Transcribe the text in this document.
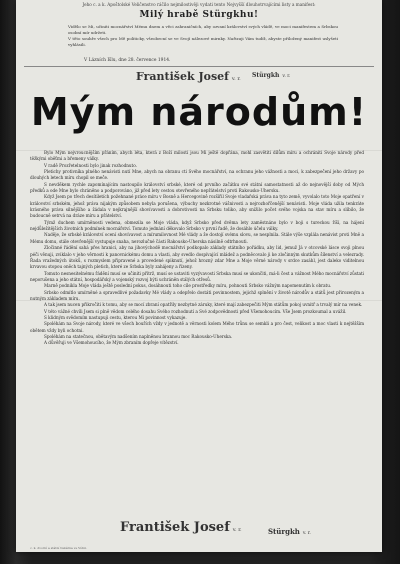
Jeho c. a k. Apoštolské Veličenstvo ráčilo nejmilostivěji vydati tento Nejvyšší dlouhotrvajícími listy a manifest:
Milý hrabě Stürgkhu!
Vidělo se Mi, učiniti mocnářství Mému dnem a věci zahraničních, aby ozvaní království svých vládě, ve moci manifestem a Srbskou osobní mír udržeti.
V těto souhře všech pro Mě politicky, všeobecní se ve Svojí nálezové mirnky. Nařizuji Vám tudíž, abyste přiložený manifest uslyšeti vyhlásili.
V Lázních Išlu, dne 28. července 1914.
František Josef v. r. Stürgkh v. r.
Mým národům!

Bylo Mým nejvroucnějším přáním, abych léta, která z Boží milosti jsou Mi ještě dopřána, mohl zasvětiti dílům míru a ochrániti Svoje národy před těžkými oběťmi a břemeny války.

V radě Prozřetelnosti bylo jinak rozhodnuto.

Pletichy protivníka plného nenávisti nutí Mne, abych na obranu cti Svého mocnářství, na ochranu jeho vážnosti a moci, k zabezpečení jeho državy po dlouhých letech míru chopil se meče.

S nevděkem rychle zapomínajícím nastoupilo království srbské, které od prvního začátku své státní samostatnosti až do nejnovější doby od Mých předků a ode Mne bylo chráněno a podporováno, již před lety cestou otevřeného nepřátelství proti Rakousko-Uhersku.

Když Jsem po třech desítiletích požehnané práce míru v Bosně a Hercegovině rozšířil Svoje vladařská práva na tyto země, vyvolalo toto Moje opatření v království srbském, jehož práva nijakým způsobem nebyla porušena, výbuchy nezkrotné vášnivosti a nejrozhořčenější nenávisti. Moje vláda užila tenkráte krásného práva silnějšího a žádala v nejkrajnější shovívavosti a dobrotivosti na Srbsku toliko, aby snížilo počet svého vojska na stav míru a slíbilo, že budoucně setrvá na dráze míru a přátelství.

Týmž duchem umírněnosti vedena, obmezila se Moje vláda, když Srbsko před dvěma lety zaměstnáno bylo v boji s tureckou říší, na hájení nejdůležitějších životních podmínek mocnářství. Tomuto jednání děkovalo Srbsko v první řadě, že dosáhlo účelu války.

Naděje, že srbské království ocení shovívavost a mírumilovnost Mé vlády a že dostojí svému slovu, se nesplnila. Stále výše vzplála nenávist proti Mně a Mému domu, stále otevřenější vystupuje snaha, nerozlučné části Rakousko-Uherska násilně odtrhnouti.

Zločinné řádění sahá přes hranici, aby na jihovýchodě mocnářství podkopalo základy státního pořádku, aby lid, jemuž Já v otcovské lásce svoji plnou péči věnuji, zviklalo v jeho věrnosti k panovnickému domu a vlasti, aby svedlo dospívající mládež a podněcovalo ji ke zločinným skutkům šílenství a velezrady. Řada vražedných útoků, s rozmyslem připravené a provedené spiknutí, jehož hrozný zdar Mne a Moje věrné národy v srdce zasáhl, jest daleko viditelnou krvavou stopou oněch tajných pletich, které ze Srbska byly zahájeny a řízeny.

Tomuto nesnesitelnému řádění musí se učiniti přítrž, musí se ustaviti vyzývavosti Srbska musí se ukončiti, má-li čest a vážnost Mého mocnářství zůstati neporušena a jeho státní, hospodářský a vojenský rozvoj býti uchráněn stálých otřesů.

Marně podnikla Moje vláda ještě poslední pokus, dosáhnouti toho cíle prostředky míru, pohnouti Srbsko vážným napomenutím k obratu.

Srbsko odmítlo umírněné a spravedlivé požadavky Mé vlády a odepřelo dostáti povinnostem, jejichž splnění v životě národův a států jest přirozeným a nutným základem míru.

A tak jsem nucen přikročiti k tomu, aby se mocí zbraní opatřily nezbytné záruky, které mají zabezpečiti Mým státům pokoj uvnitř a trvalý mír na venek.

V této vážné chvíli Jsem si plně vědom celého dosahu Svého rozhodnutí a Své zodpovědnosti před Všemohoucím. Vše Jsem prozkoumal a uvážil.

S klidným svědomím nastupuji cestu, kterou Mi povinnost vykazuje.

Spoléhám na Svoje národy, které ve všech bouřích vždy v jednotě a věrnosti kolem Mého trůnu se semkli a pro čest, velikost a moc vlasti k nejtěžším obětem vždy byli ochotni.

Spoléhám na statečnou, obětavým nadšením naplněnou brannou moc Rakousko-Uherska.

A důvěřuji ve Všemohoucího, že Mým zbraním dopřeje vítězství.

František Josef v. r.	Stürgkh v. r.
c. k. dvorní a státní tiskárna ve Vídni.
